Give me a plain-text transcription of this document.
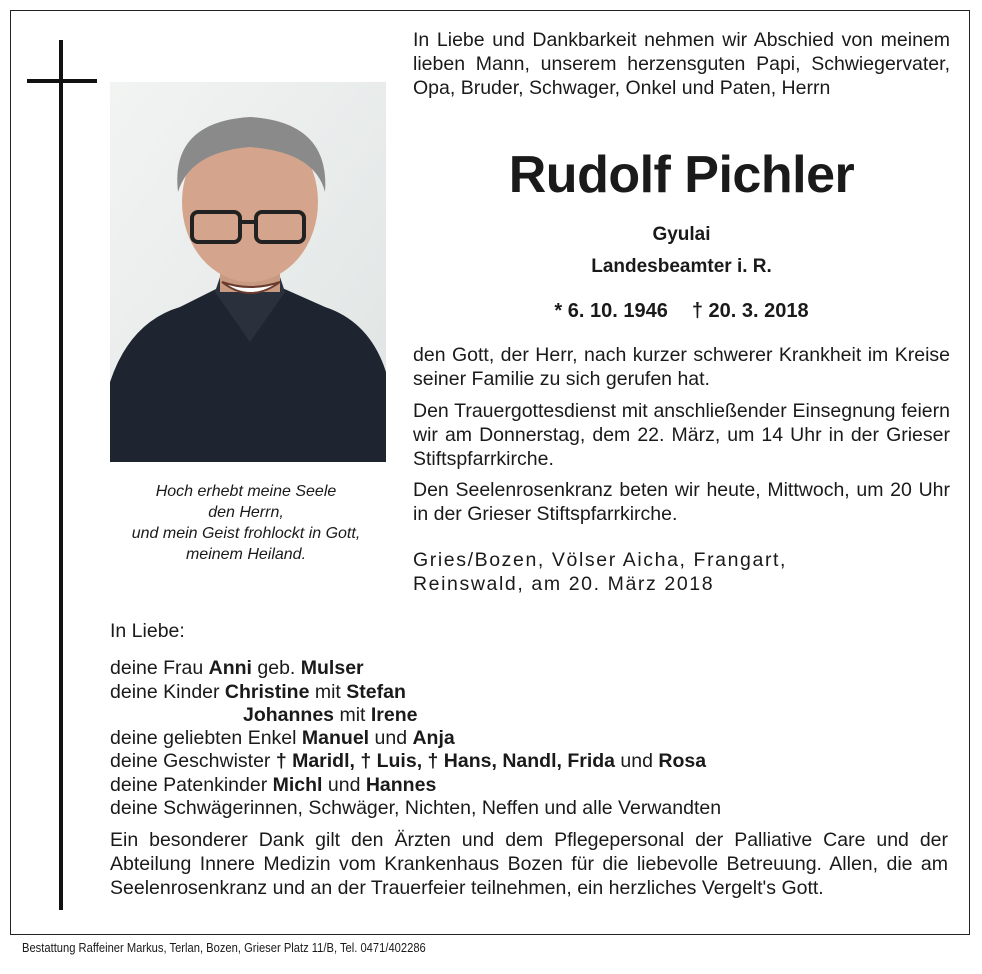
Hoch erhebt meine Seele
den Herrn,
und mein Geist frohlockt in Gott,
meinem Heiland.
In Liebe und Dankbarkeit nehmen wir Abschied von meinem lieben Mann, unserem herzensguten Papi, Schwiegervater, Opa, Bruder, Schwager, Onkel und Paten, Herrn
Rudolf Pichler
Gyulai
Landesbeamter i. R.
* 6. 10. 1946 † 20. 3. 2018
den Gott, der Herr, nach kurzer schwerer Krankheit im Kreise seiner Familie zu sich gerufen hat.
Den Trauergottesdienst mit anschließender Einsegnung feiern wir am Donnerstag, dem 22. März, um 14 Uhr in der Grieser Stiftspfarrkirche.
Den Seelenrosenkranz beten wir heute, Mittwoch, um 20 Uhr in der Grieser Stiftspfarrkirche.
Gries/Bozen, Völser Aicha, Frangart,
Reinswald, am 20. März 2018
In Liebe:
deine Frau Anni geb. Mulser
deine Kinder Christine mit Stefan
Johannes mit Irene
deine geliebten Enkel Manuel und Anja
deine Geschwister † Maridl, † Luis, † Hans, Nandl, Frida und Rosa
deine Patenkinder Michl und Hannes
deine Schwägerinnen, Schwäger, Nichten, Neffen und alle Verwandten
Ein besonderer Dank gilt den Ärzten und dem Pflegepersonal der Palliative Care und der Abteilung Innere Medizin vom Krankenhaus Bozen für die liebevolle Betreuung. Allen, die am Seelenrosenkranz und an der Trauerfeier teilnehmen, ein herzliches Vergelt's Gott.
Bestattung Raffeiner Markus, Terlan, Bozen, Grieser Platz 11/B, Tel. 0471/402286
